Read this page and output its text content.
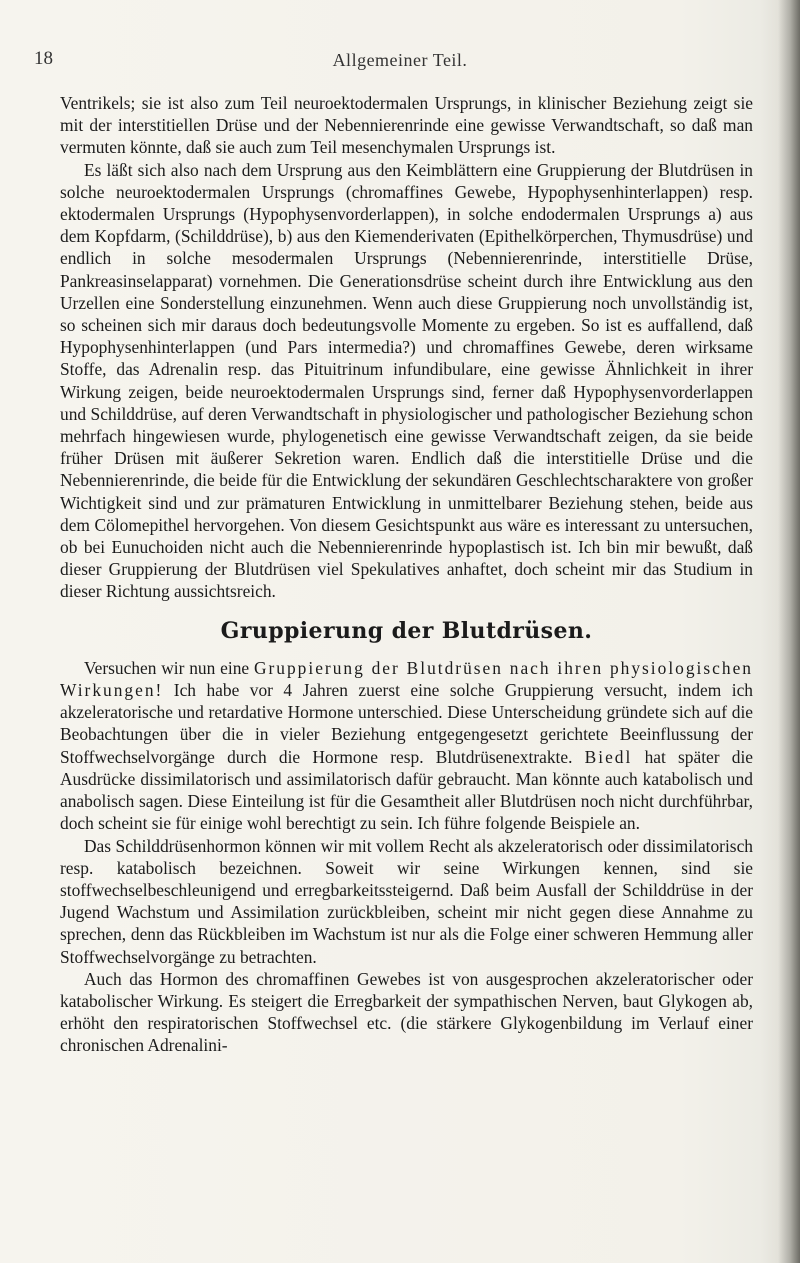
18	Allgemeiner Teil.

Ventrikels; sie ist also zum Teil neuroektodermalen Ursprungs, in klinischer Beziehung zeigt sie mit der interstitiellen Drüse und der Nebennierenrinde eine gewisse Verwandtschaft, so daß man vermuten könnte, daß sie auch zum Teil mesenchymalen Ursprungs ist.

Es läßt sich also nach dem Ursprung aus den Keimblättern eine Gruppierung der Blutdrüsen in solche neuroektodermalen Ursprungs (chromaffines Gewebe, Hypophysenhinterlappen) resp. ektodermalen Ursprungs (Hypophysenvorderlappen), in solche endodermalen Ursprungs a) aus dem Kopfdarm, (Schilddrüse), b) aus den Kiemenderivaten (Epithelkörperchen, Thymusdrüse) und endlich in solche mesodermalen Ursprungs (Nebennierenrinde, interstitielle Drüse, Pankreasinselapparat) vornehmen. Die Generationsdrüse scheint durch ihre Entwicklung aus den Urzellen eine Sonderstellung einzunehmen. Wenn auch diese Gruppierung noch unvollständig ist, so scheinen sich mir daraus doch bedeutungsvolle Momente zu ergeben. So ist es auffallend, daß Hypophysenhinterlappen (und Pars intermedia?) und chromaffines Gewebe, deren wirksame Stoffe, das Adrenalin resp. das Pituitrinum infundibulare, eine gewisse Ähnlichkeit in ihrer Wirkung zeigen, beide neuroektodermalen Ursprungs sind, ferner daß Hypophysenvorderlappen und Schilddrüse, auf deren Verwandtschaft in physiologischer und pathologischer Beziehung schon mehrfach hingewiesen wurde, phylogenetisch eine gewisse Verwandtschaft zeigen, da sie beide früher Drüsen mit äußerer Sekretion waren. Endlich daß die interstitielle Drüse und die Nebennierenrinde, die beide für die Entwicklung der sekundären Geschlechtscharaktere von großer Wichtigkeit sind und zur prämaturen Entwicklung in unmittelbarer Beziehung stehen, beide aus dem Cölomepithel hervorgehen. Von diesem Gesichtspunkt aus wäre es interessant zu untersuchen, ob bei Eunuchoiden nicht auch die Nebennierenrinde hypoplastisch ist. Ich bin mir bewußt, daß dieser Gruppierung der Blutdrüsen viel Spekulatives anhaftet, doch scheint mir das Studium in dieser Richtung aussichtsreich.

Gruppierung der Blutdrüsen.

Versuchen wir nun eine Gruppierung der Blutdrüsen nach ihren physiologischen Wirkungen! Ich habe vor 4 Jahren zuerst eine solche Gruppierung versucht, indem ich akzeleratorische und retardative Hormone unterschied. Diese Unterscheidung gründete sich auf die Beobachtungen über die in vieler Beziehung entgegengesetzt gerichtete Beeinflussung der Stoffwechselvorgänge durch die Hormone resp. Blutdrüsenextrakte. Biedl hat später die Ausdrücke dissimilatorisch und assimilatorisch dafür gebraucht. Man könnte auch katabolisch und anabolisch sagen. Diese Einteilung ist für die Gesamtheit aller Blutdrüsen noch nicht durchführbar, doch scheint sie für einige wohl berechtigt zu sein. Ich führe folgende Beispiele an.

Das Schilddrüsenhormon können wir mit vollem Recht als akzeleratorisch oder dissimilatorisch resp. katabolisch bezeichnen. Soweit wir seine Wirkungen kennen, sind sie stoffwechselbeschleunigend und erregbarkeitssteigernd. Daß beim Ausfall der Schilddrüse in der Jugend Wachstum und Assimilation zurückbleiben, scheint mir nicht gegen diese Annahme zu sprechen, denn das Rückbleiben im Wachstum ist nur als die Folge einer schweren Hemmung aller Stoffwechselvorgänge zu betrachten.

Auch das Hormon des chromaffinen Gewebes ist von ausgesprochen akzeleratorischer oder katabolischer Wirkung. Es steigert die Erregbarkeit der sympathischen Nerven, baut Glykogen ab, erhöht den respiratorischen Stoffwechsel etc. (die stärkere Glykogenbildung im Verlauf einer chronischen Adrenalini-
